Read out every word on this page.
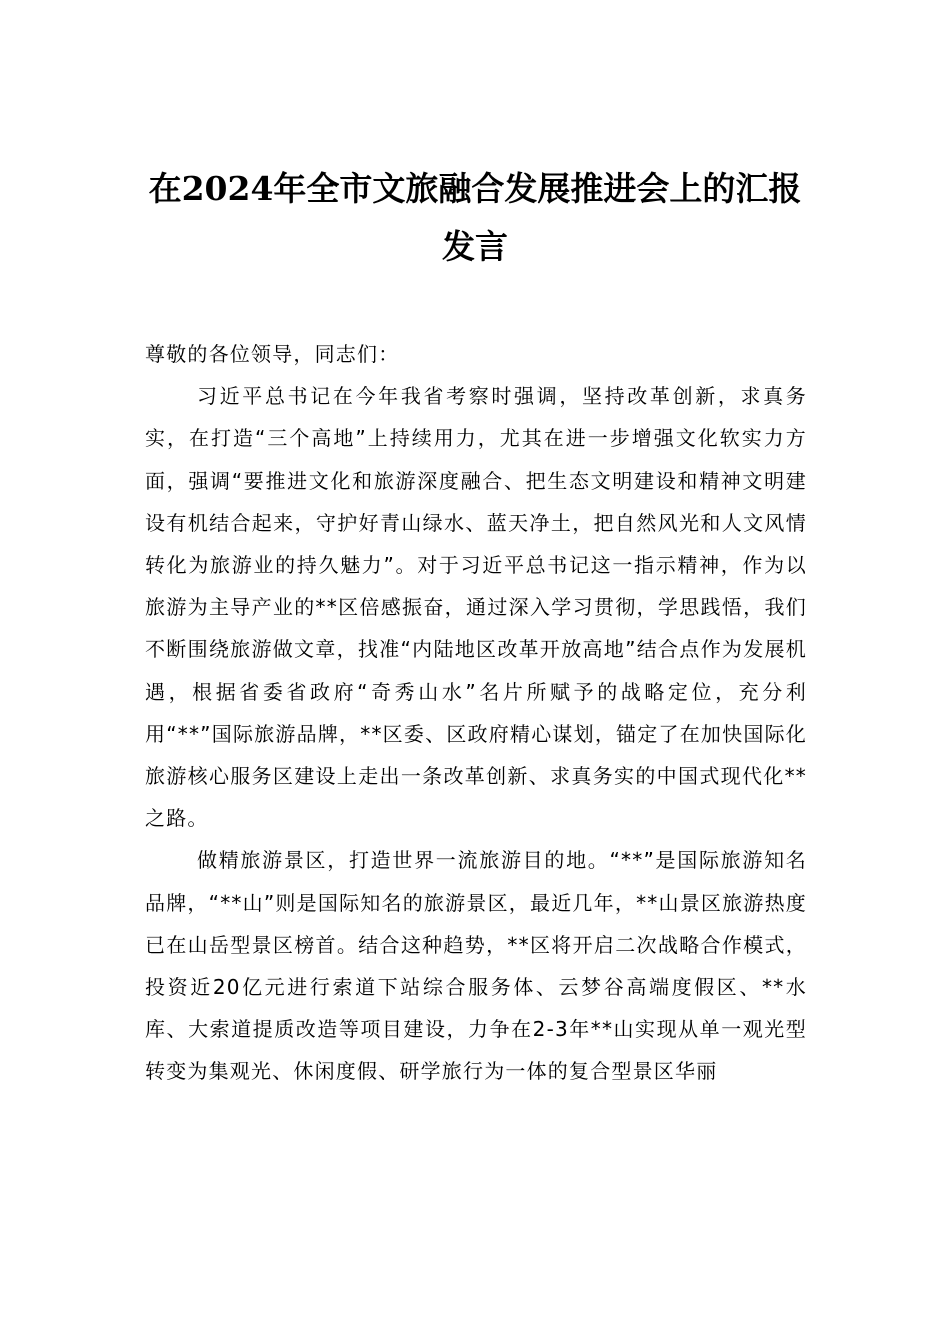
在2024年全市文旅融合发展推进会上的汇报发言

尊敬的各位领导，同志们：

习近平总书记在今年我省考察时强调，坚持改革创新，求真务实，在打造“三个高地”上持续用力，尤其在进一步增强文化软实力方面，强调“要推进文化和旅游深度融合、把生态文明建设和精神文明建设有机结合起来，守护好青山绿水、蓝天净土，把自然风光和人文风情转化为旅游业的持久魅力”。对于习近平总书记这一指示精神，作为以旅游为主导产业的**区倍感振奋，通过深入学习贯彻，学思践悟，我们不断围绕旅游做文章，找准“内陆地区改革开放高地”结合点作为发展机遇，根据省委省政府“奇秀山水”名片所赋予的战略定位，充分利用“**”国际旅游品牌，**区委、区政府精心谋划，锚定了在加快国际化旅游核心服务区建设上走出一条改革创新、求真务实的中国式现代化**之路。

做精旅游景区，打造世界一流旅游目的地。“**”是国际旅游知名品牌，“**山”则是国际知名的旅游景区，最近几年，**山景区旅游热度已在山岳型景区榜首。结合这种趋势，**区将开启二次战略合作模式，投资近20亿元进行索道下站综合服务体、云梦谷高端度假区、**水库、大索道提质改造等项目建设，力争在2-3年**山实现从单一观光型转变为集观光、休闲度假、研学旅行为一体的复合型景区华丽
